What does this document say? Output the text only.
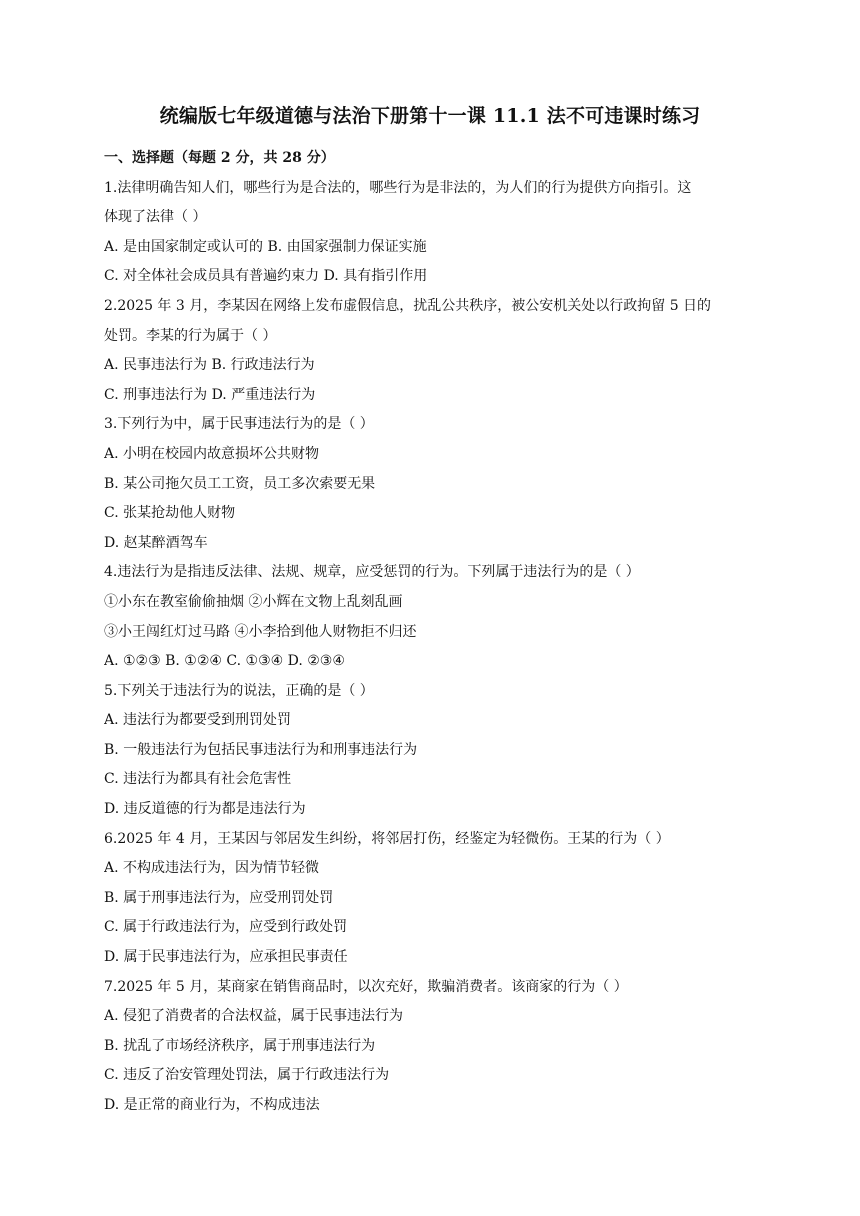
统编版七年级道德与法治下册第十一课 11.1 法不可违课时练习
一、选择题（每题 2 分，共 28 分）
1.法律明确告知人们，哪些行为是合法的，哪些行为是非法的，为人们的行为提供方向指引。这
体现了法律（ ）
A. 是由国家制定或认可的 B. 由国家强制力保证实施
C. 对全体社会成员具有普遍约束力 D. 具有指引作用
2.2025 年 3 月，李某因在网络上发布虚假信息，扰乱公共秩序，被公安机关处以行政拘留 5 日的
处罚。李某的行为属于（ ）
A. 民事违法行为 B. 行政违法行为
C. 刑事违法行为 D. 严重违法行为
3.下列行为中，属于民事违法行为的是（ ）
A. 小明在校园内故意损坏公共财物
B. 某公司拖欠员工工资，员工多次索要无果
C. 张某抢劫他人财物
D. 赵某醉酒驾车
4.违法行为是指违反法律、法规、规章，应受惩罚的行为。下列属于违法行为的是（ ）
①小东在教室偷偷抽烟 ②小辉在文物上乱刻乱画
③小王闯红灯过马路 ④小李拾到他人财物拒不归还
A. ①②③ B. ①②④ C. ①③④ D. ②③④
5.下列关于违法行为的说法，正确的是（ ）
A. 违法行为都要受到刑罚处罚
B. 一般违法行为包括民事违法行为和刑事违法行为
C. 违法行为都具有社会危害性
D. 违反道德的行为都是违法行为
6.2025 年 4 月，王某因与邻居发生纠纷，将邻居打伤，经鉴定为轻微伤。王某的行为（ ）
A. 不构成违法行为，因为情节轻微
B. 属于刑事违法行为，应受刑罚处罚
C. 属于行政违法行为，应受到行政处罚
D. 属于民事违法行为，应承担民事责任
7.2025 年 5 月，某商家在销售商品时，以次充好，欺骗消费者。该商家的行为（ ）
A. 侵犯了消费者的合法权益，属于民事违法行为
B. 扰乱了市场经济秩序，属于刑事违法行为
C. 违反了治安管理处罚法，属于行政违法行为
D. 是正常的商业行为，不构成违法
